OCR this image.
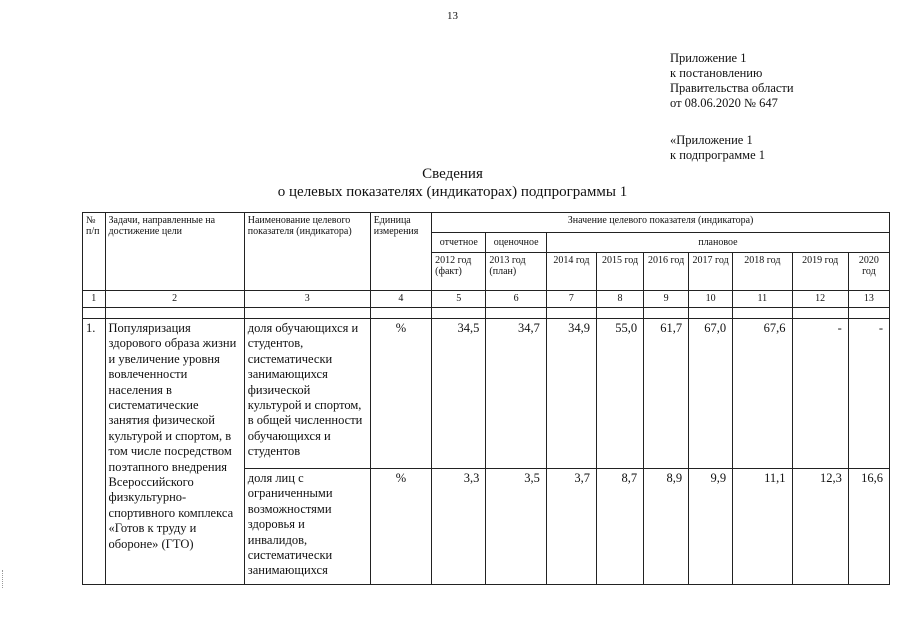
13
Приложение 1
к постановлению
Правительства области
от 08.06.2020 № 647
«Приложение 1
к подпрограмме 1
Сведения
о целевых показателях (индикаторах) подпрограммы 1
№ п/п	Задачи, направленные на достижение цели	Наименование целевого показателя (индикатора)	Единица измерения	Значение целевого показателя (индикатора)								
				отчетное	оценочное	плановое						
				2012 год (факт)	2013 год (план)	2014 год	2015 год	2016 год	2017 год	2018 год	2019 год	2020 год
1	2	3	4	5	6	7	8	9	10	11	12	13

1.	Популяризация здорового образа жизни и увеличение уровня вовлеченности населения в систематические занятия физической культурой и спортом, в том числе посредством поэтапного внедрения Всероссийского физкультурно-спортивного комплекса «Готов к труду и обороне» (ГТО)	доля обучающихся и студентов, систематически занимающихся физической культурой и спортом, в общей численности обучающихся и студентов	%	34,5	34,7	34,9	55,0	61,7	67,0	67,6	-	-
		доля лиц с ограниченными возможностями здоровья и инвалидов, систематически занимающихся	%	3,3	3,5	3,7	8,7	8,9	9,9	11,1	12,3	16,6
